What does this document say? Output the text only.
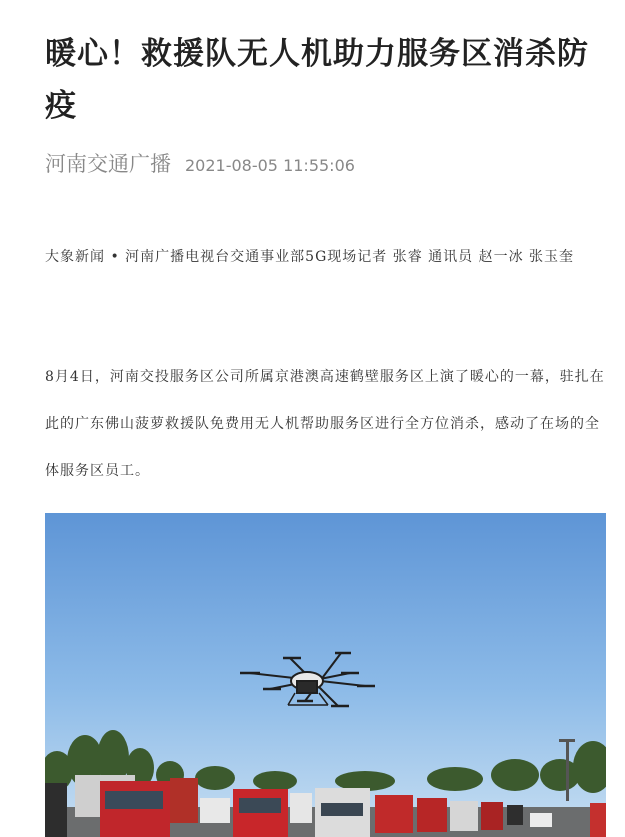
暖心！救援队无人机助力服务区消杀防疫
河南交通广播 2021-08-05 11:55:06

大象新闻 • 河南广播电视台交通事业部5G现场记者 张睿 通讯员 赵一冰 张玉奎

8月4日，河南交投服务区公司所属京港澳高速鹤壁服务区上演了暖心的一幕，驻扎在此的广东佛山菠萝救援队免费用无人机帮助服务区进行全方位消杀，感动了在场的全体服务区员工。
